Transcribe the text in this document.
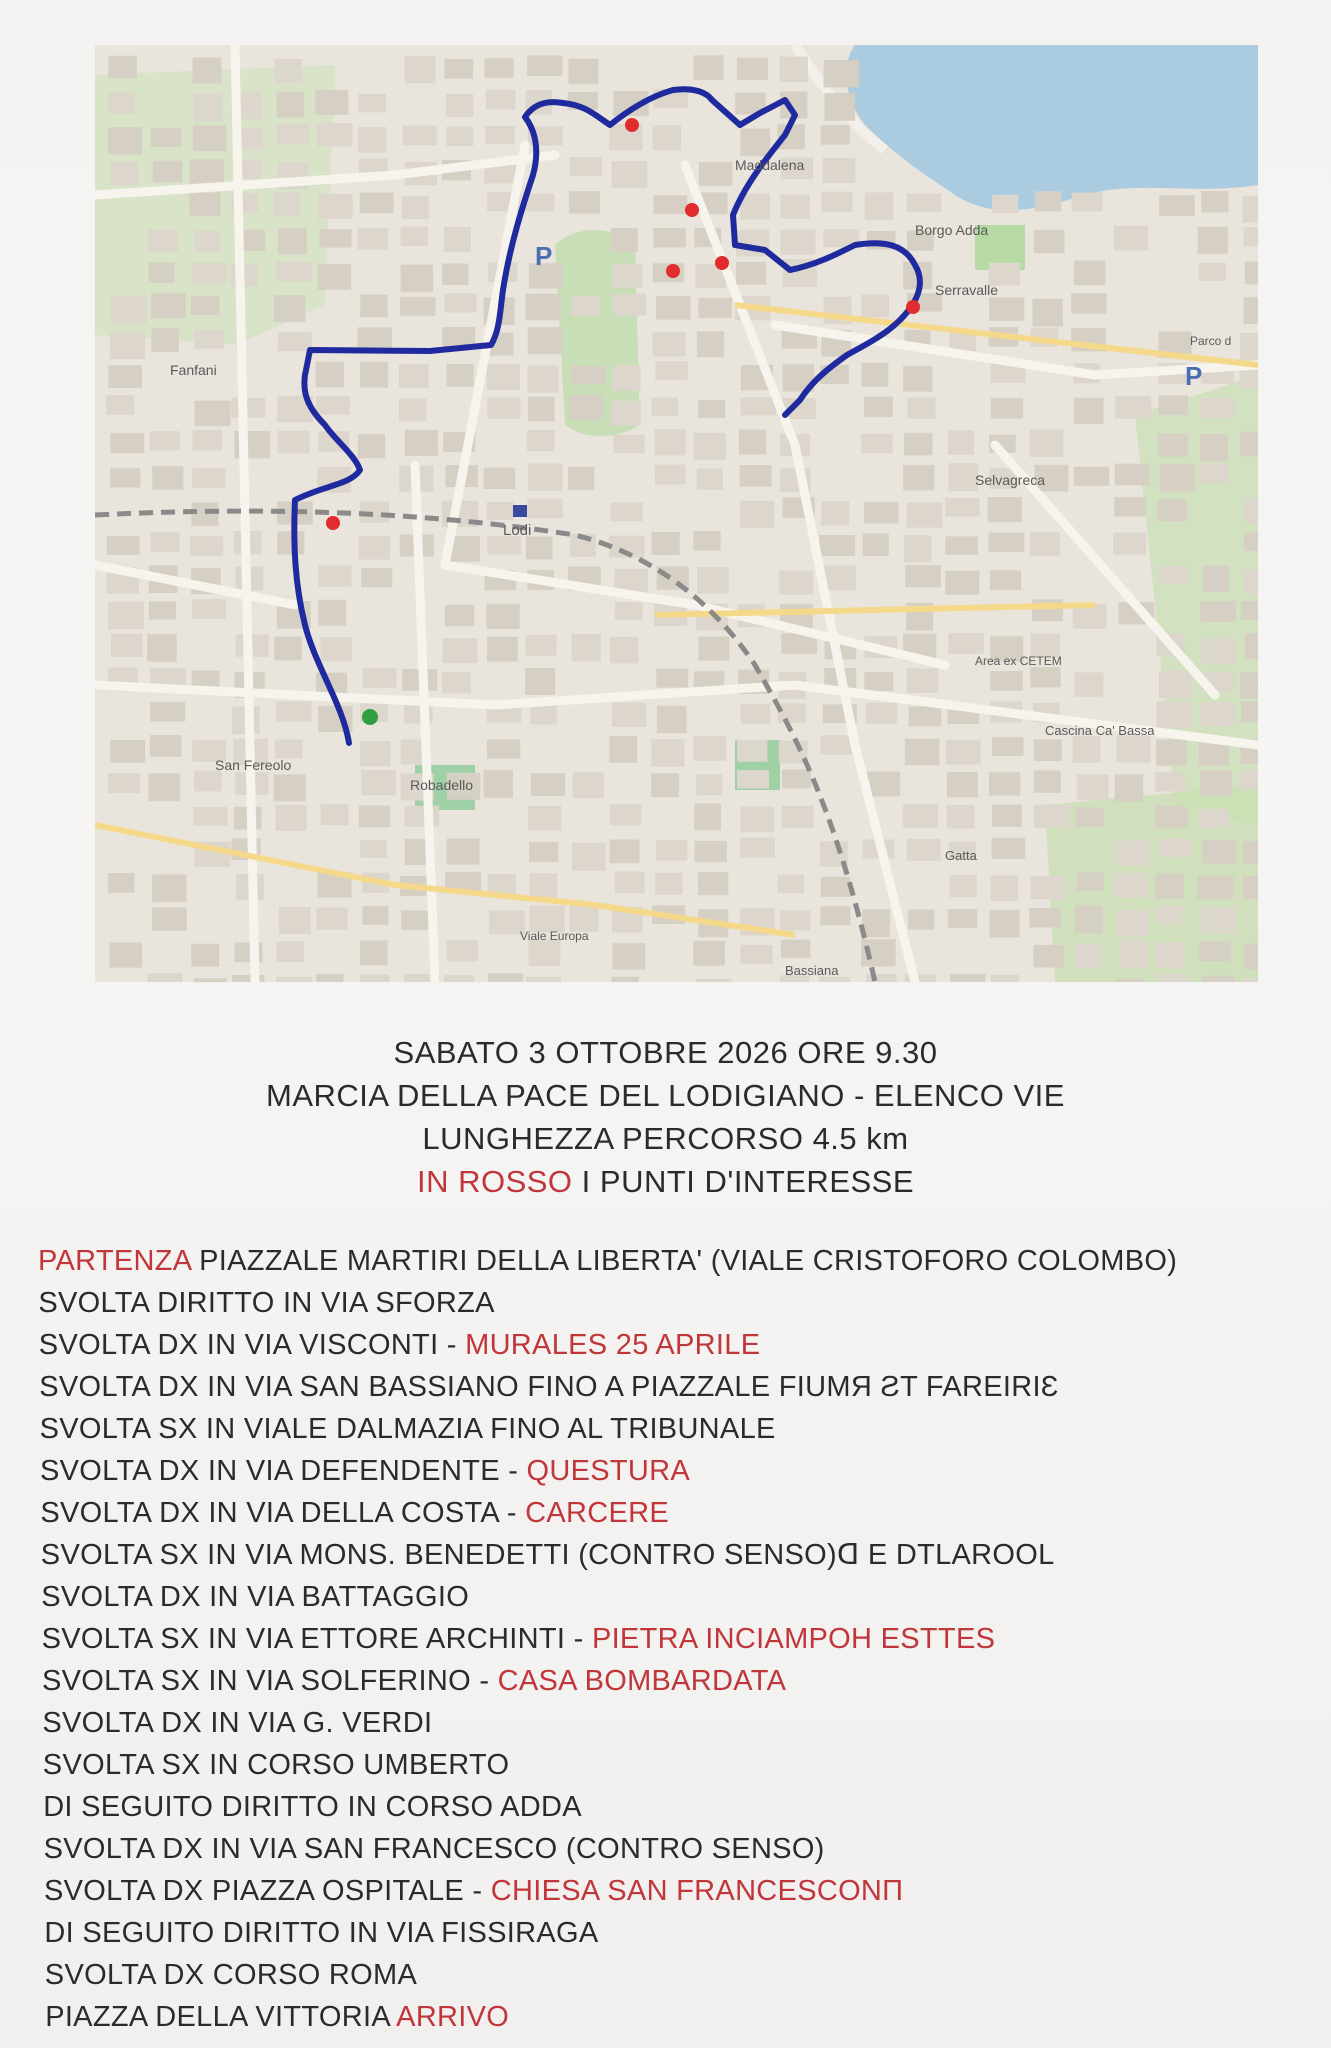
P
P
Maddalena
Borgo Adda
Serravalle
Selvagreca
Fanfani
Robadello
San Fereolo
Lodi
Area ex CETEM
Cascina Ca' Bassa
Gatta
Bassiana
Viale Europa
Parco d
SABATO 3 OTTOBRE 2026 ORE 9.30
MARCIA DELLA PACE DEL LODIGIANO - ELENCO VIE
LUNGHEZZA PERCORSO 4.5 km
IN ROSSO I PUNTI D'INTERESSE
PARTENZA PIAZZALE MARTIRI DELLA LIBERTA' (VIALE CRISTOFORO COLOMBO)
SVOLTA DIRITTO IN VIA SFORZA
SVOLTA DX IN VIA VISCONTI - MURALES 25 APRILE
SVOLTA DX IN VIA SAN BASSIANO FINO A PIAZZALE FIUMЯ ƧT FAREIRIƐ
SVOLTA SX IN VIALE DALMAZIA FINO AL TRIBUNALE
SVOLTA DX IN VIA DEFENDENTE - QUESTURA
SVOLTA DX IN VIA DELLA COSTA - CARCERE
SVOLTA SX IN VIA MONS. BENEDETTI (CONTRO SENSO)ꓷ E DTLAROOL
SVOLTA DX IN VIA BATTAGGIO
SVOLTA SX IN VIA ETTORE ARCHINTI - PIETRA INCIAMPOH ESTTES
SVOLTA SX IN VIA SOLFERINO - CASA BOMBARDATA
SVOLTA DX IN VIA G. VERDI
SVOLTA SX IN CORSO UMBERTO
DI SEGUITO DIRITTO IN CORSO ADDA
SVOLTA DX IN VIA SAN FRANCESCO (CONTRO SENSO)
SVOLTA DX PIAZZA OSPITALE - CHIESA SAN FRANCESCONП
DI SEGUITO DIRITTO IN VIA FISSIRAGA
SVOLTA DX CORSO ROMA
PIAZZA DELLA VITTORIA ARRIVO
